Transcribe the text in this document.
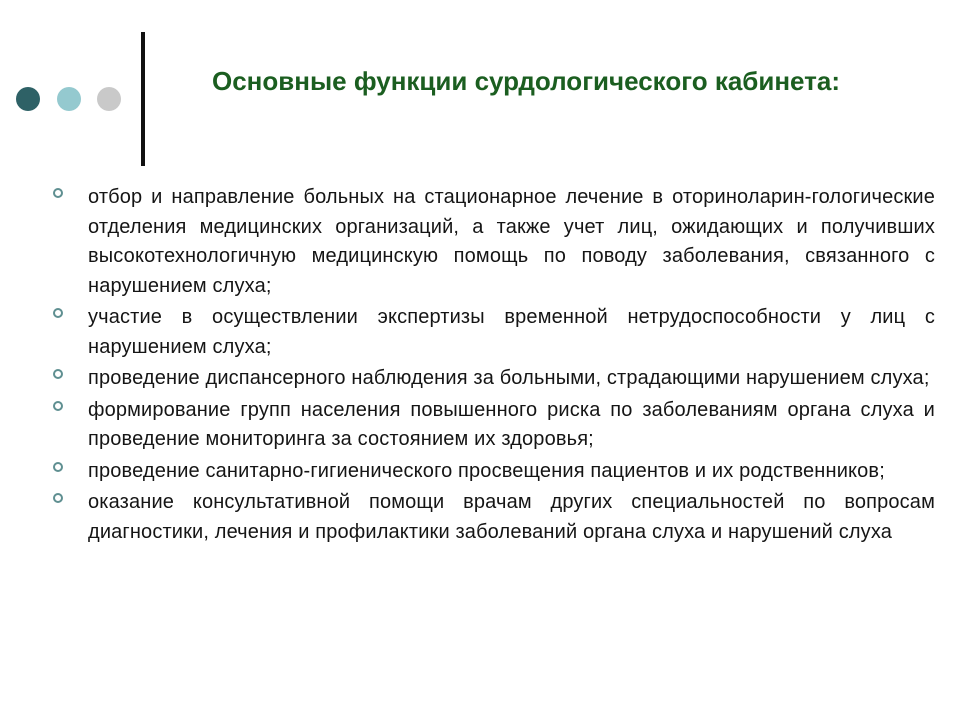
Основные функции сурдологического кабинета:
отбор и направление больных на стационарное лечение в оториноларин-гологические отделения медицинских организаций, а также учет лиц, ожидающих и получивших высокотехнологичную медицинскую помощь по поводу заболевания, связанного с нарушением слуха;
участие в осуществлении экспертизы временной нетрудоспособности у лиц с нарушением слуха;
проведение диспансерного наблюдения за больными, страдающими нарушением слуха;
формирование групп населения повышенного риска по заболеваниям органа слуха и проведение мониторинга за состоянием их здоровья;
проведение санитарно-гигиенического просвещения пациентов и их родственников;
оказание консультативной помощи врачам других специальностей по вопросам диагностики, лечения и профилактики заболеваний органа слуха и нарушений слуха
